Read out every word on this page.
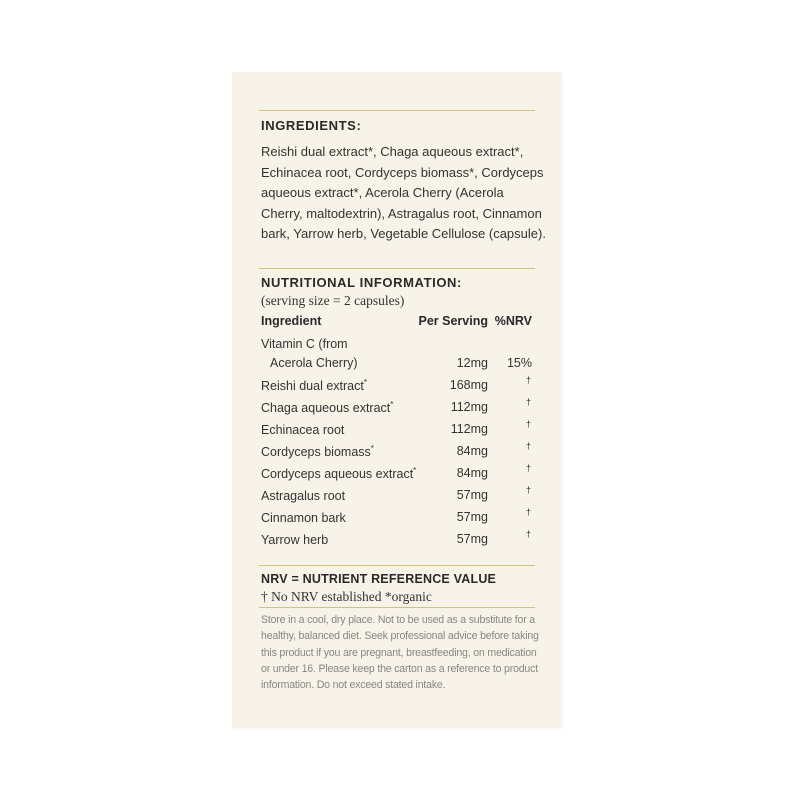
INGREDIENTS:
Reishi dual extract*, Chaga aqueous extract*, Echinacea root, Cordyceps biomass*, Cordyceps aqueous extract*, Acerola Cherry (Acerola Cherry, maltodextrin), Astragalus root, Cinnamon bark, Yarrow herb, Vegetable Cellulose (capsule).
NUTRITIONAL INFORMATION:
(serving size = 2 capsules)
Ingredient	Per Serving %NRV
Vitamin C (from
Acerola Cherry)	12mg 15%
Reishi dual extract*	168mg	†
Chaga aqueous extract*	112mg	†
Echinacea root	112mg	†
Cordyceps biomass*	84mg	†
Cordyceps aqueous extract*	84mg	†
Astragalus root	57mg	†
Cinnamon bark	57mg	†
Yarrow herb	57mg	†
NRV = NUTRIENT REFERENCE VALUE
† No NRV established *organic
Store in a cool, dry place. Not to be used as a substitute for a healthy, balanced diet. Seek professional advice before taking this product if you are pregnant, breastfeeding, on medication or under 16. Please keep the carton as a reference to product information. Do not exceed stated intake.
